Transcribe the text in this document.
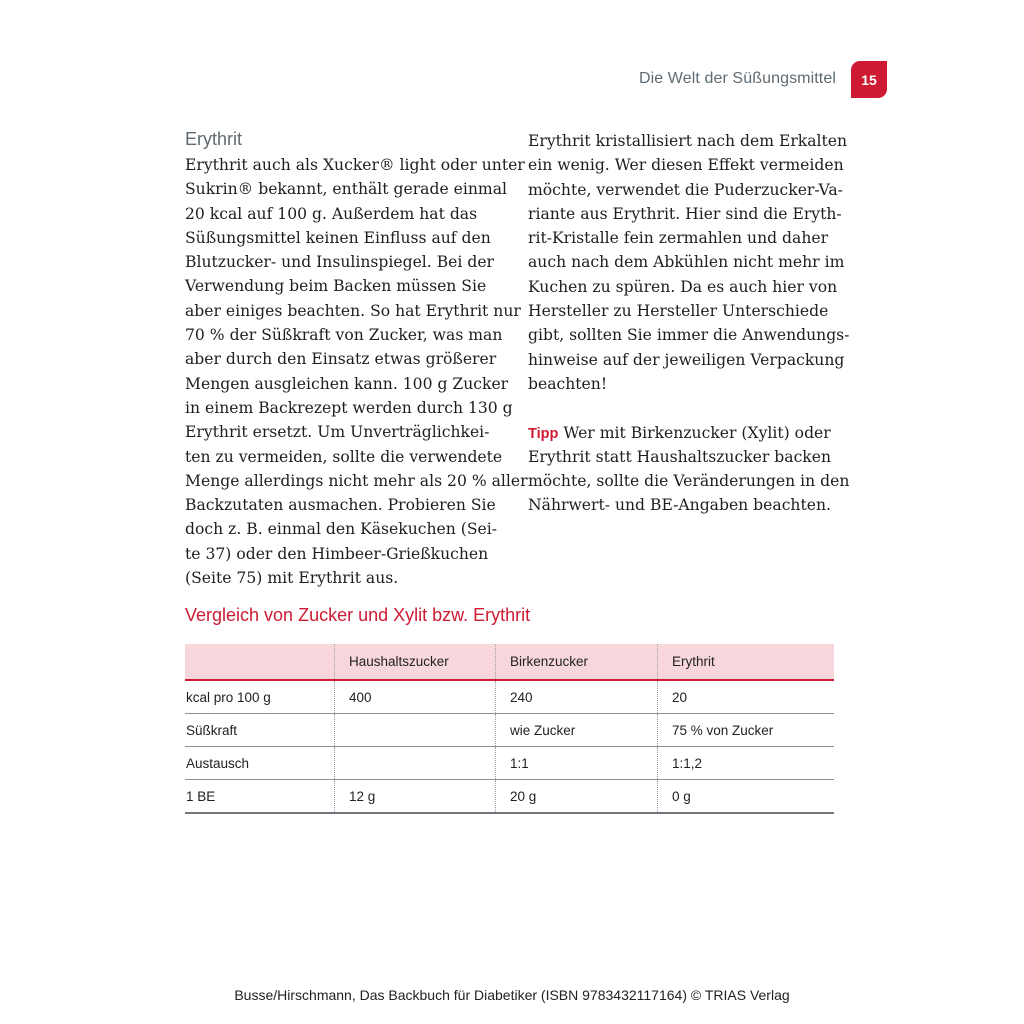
Die Welt der Süßungsmittel	15
Erythrit
Erythrit auch als Xucker® light oder unter
Sukrin® bekannt, enthält gerade einmal
20 kcal auf 100 g. Außerdem hat das
Süßungsmittel keinen Einfluss auf den
Blutzucker- und Insulinspiegel. Bei der
Verwendung beim Backen müssen Sie
aber einiges beachten. So hat Erythrit nur
70 % der Süßkraft von Zucker, was man
aber durch den Einsatz etwas größerer
Mengen ausgleichen kann. 100 g Zucker
in einem Backrezept werden durch 130 g
Erythrit ersetzt. Um Unverträglichkei-
ten zu vermeiden, sollte die verwendete
Menge allerdings nicht mehr als 20 % aller
Backzutaten ausmachen. Probieren Sie
doch z. B. einmal den Käsekuchen (Sei-
te 37) oder den Himbeer-Grießkuchen
(Seite 75) mit Erythrit aus.
Erythrit kristallisiert nach dem Erkalten
ein wenig. Wer diesen Effekt vermeiden
möchte, verwendet die Puderzucker-Va-
riante aus Erythrit. Hier sind die Eryth-
rit-Kristalle fein zermahlen und daher
auch nach dem Abkühlen nicht mehr im
Kuchen zu spüren. Da es auch hier von
Hersteller zu Hersteller Unterschiede
gibt, sollten Sie immer die Anwendungs-
hinweise auf der jeweiligen Verpackung
beachten!
Tipp Wer mit Birkenzucker (Xylit) oder
Erythrit statt Haushaltszucker backen
möchte, sollte die Veränderungen in den
Nährwert- und BE-Angaben beachten.
Vergleich von Zucker und Xylit bzw. Erythrit
	Haushaltszucker	Birkenzucker	Erythrit
kcal pro 100 g	400	240	20
Süßkraft		wie Zucker	75 % von Zucker
Austausch		1:1	1:1,2
1 BE	12 g	20 g	0 g
Busse/Hirschmann, Das Backbuch für Diabetiker (ISBN 9783432117164) © TRIAS Verlag
